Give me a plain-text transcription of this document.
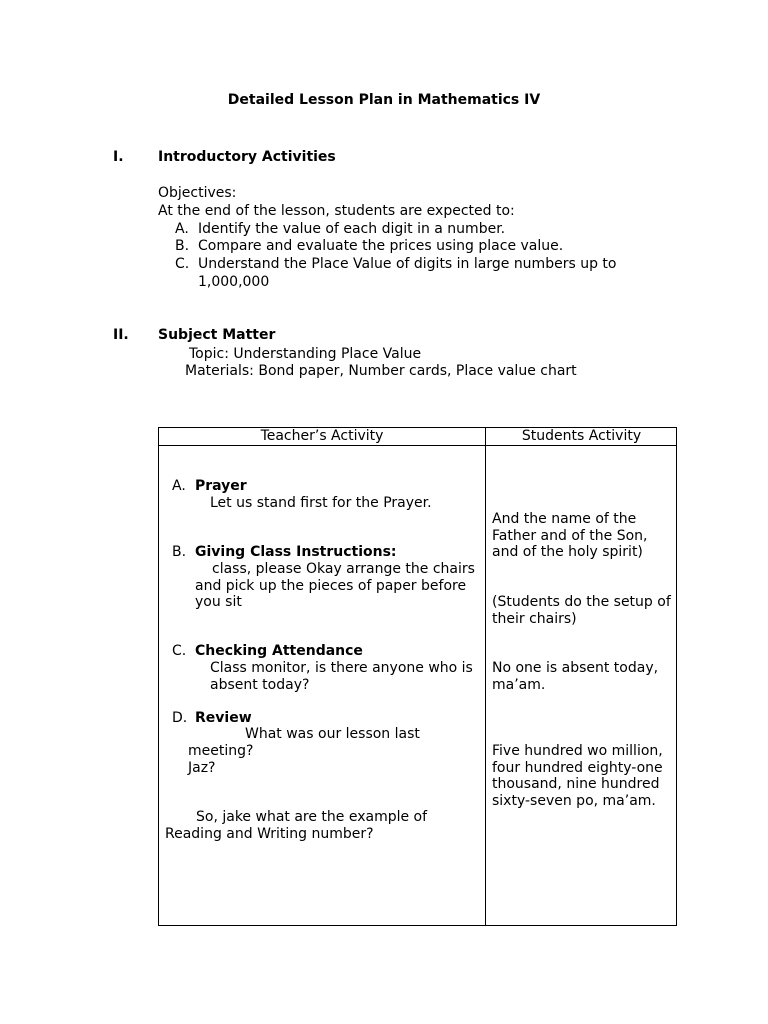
Detailed Lesson Plan in Mathematics IV
I. Introductory Activities
Objectives:
At the end of the lesson, students are expected to:
A. Identify the value of each digit in a number.
B. Compare and evaluate the prices using place value.
C. Understand the Place Value of digits in large numbers up to
1,000,000
II. Subject Matter
Topic: Understanding Place Value
Materials: Bond paper, Number cards, Place value chart
Teacher’s Activity	Students Activity
A. Prayer
Let us stand first for the Prayer.
B. Giving Class Instructions:
class, please Okay arrange the chairs
and pick up the pieces of paper before
you sit
C. Checking Attendance
Class monitor, is there anyone who is
absent today?
D. Review
What was our lesson last
meeting?
Jaz?
So, jake what are the example of
Reading and Writing number?
And the name of the
Father and of the Son,
and of the holy spirit)
(Students do the setup of
their chairs)
No one is absent today,
ma’am.
Five hundred wo million,
four hundred eighty-one
thousand, nine hundred
sixty-seven po, ma’am.
